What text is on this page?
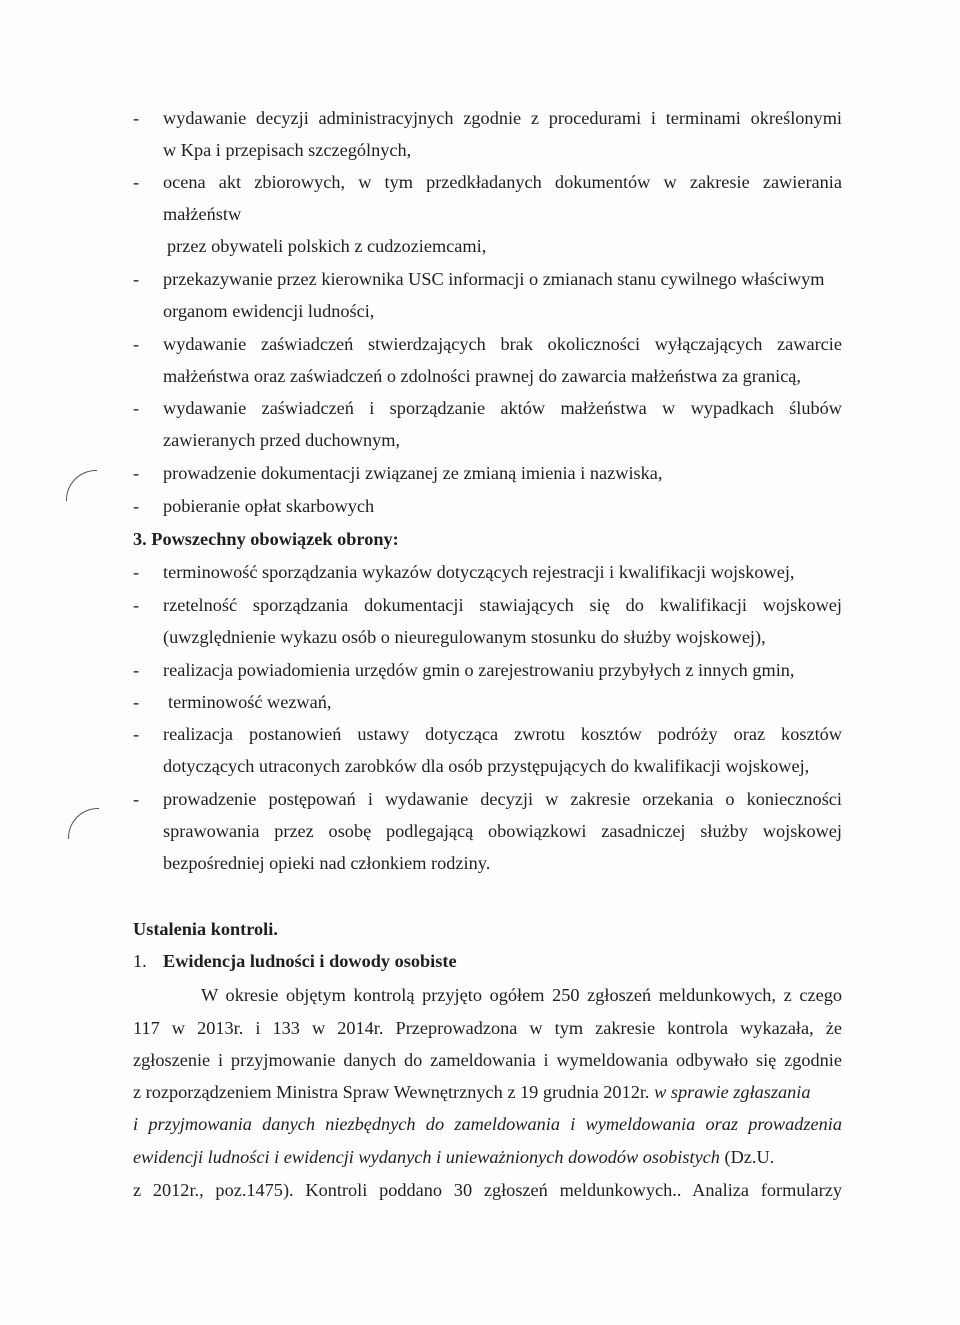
- wydawanie decyzji administracyjnych zgodnie z procedurami i terminami określonymi
w Kpa i przepisach szczególnych,
- ocena akt zbiorowych, w tym przedkładanych dokumentów w zakresie zawierania
małżeństw
przez obywateli polskich z cudzoziemcami,
- przekazywanie przez kierownika USC informacji o zmianach stanu cywilnego właściwym
organom ewidencji ludności,
- wydawanie zaświadczeń stwierdzających brak okoliczności wyłączających zawarcie
małżeństwa oraz zaświadczeń o zdolności prawnej do zawarcia małżeństwa za granicą,
- wydawanie zaświadczeń i sporządzanie aktów małżeństwa w wypadkach ślubów
zawieranych przed duchownym,
- prowadzenie dokumentacji związanej ze zmianą imienia i nazwiska,
- pobieranie opłat skarbowych
3. Powszechny obowiązek obrony:
- terminowość sporządzania wykazów dotyczących rejestracji i kwalifikacji wojskowej,
- rzetelność sporządzania dokumentacji stawiających się do kwalifikacji wojskowej
(uwzględnienie wykazu osób o nieuregulowanym stosunku do służby wojskowej),
- realizacja powiadomienia urzędów gmin o zarejestrowaniu przybyłych z innych gmin,
- terminowość wezwań,
- realizacja postanowień ustawy dotycząca zwrotu kosztów podróży oraz kosztów
dotyczących utraconych zarobków dla osób przystępujących do kwalifikacji wojskowej,
- prowadzenie postępowań i wydawanie decyzji w zakresie orzekania o konieczności
sprawowania przez osobę podlegającą obowiązkowi zasadniczej służby wojskowej
bezpośredniej opieki nad członkiem rodziny.
Ustalenia kontroli.
1. Ewidencja ludności i dowody osobiste
W okresie objętym kontrolą przyjęto ogółem 250 zgłoszeń meldunkowych, z czego
117 w 2013r. i 133 w 2014r. Przeprowadzona w tym zakresie kontrola wykazała, że
zgłoszenie i przyjmowanie danych do zameldowania i wymeldowania odbywało się zgodnie
z rozporządzeniem Ministra Spraw Wewnętrznych z 19 grudnia 2012r. w sprawie zgłaszania
i przyjmowania danych niezbędnych do zameldowania i wymeldowania oraz prowadzenia
ewidencji ludności i ewidencji wydanych i unieważnionych dowodów osobistych (Dz.U.
z 2012r., poz.1475). Kontroli poddano 30 zgłoszeń meldunkowych.. Analiza formularzy
